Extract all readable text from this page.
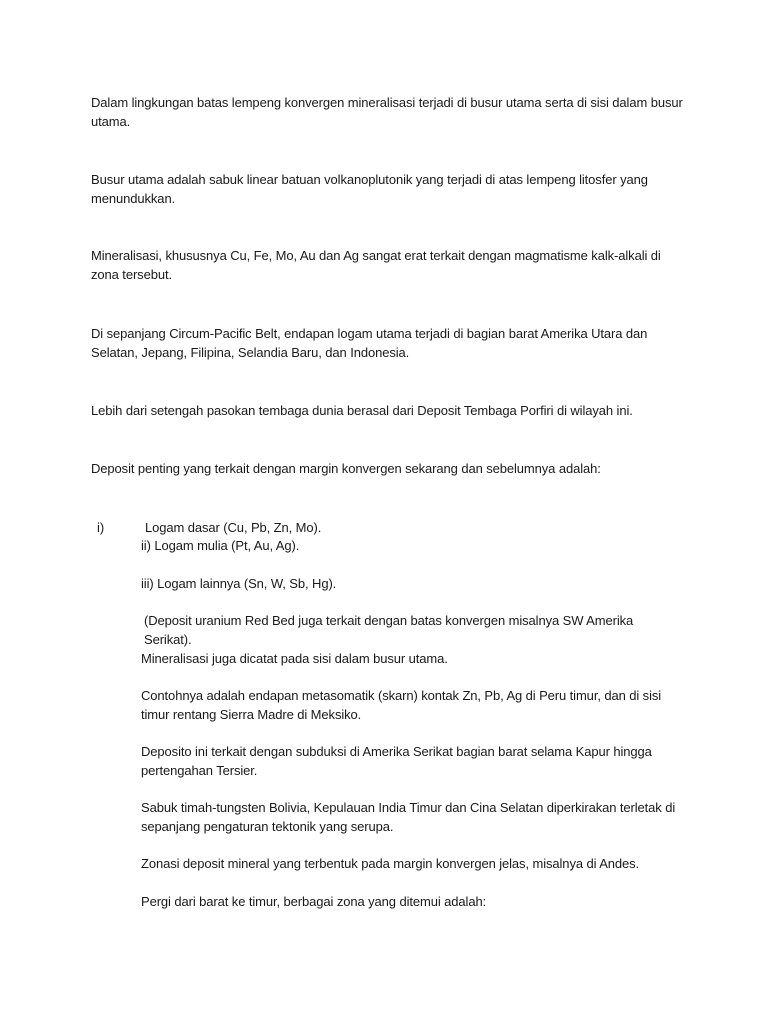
Dalam lingkungan batas lempeng konvergen mineralisasi terjadi di busur utama serta di sisi dalam busur utama.

Busur utama adalah sabuk linear batuan volkanoplutonik yang terjadi di atas lempeng litosfer yang menundukkan.

Mineralisasi, khususnya Cu, Fe, Mo, Au dan Ag sangat erat terkait dengan magmatisme kalk-alkali di zona tersebut.

Di sepanjang Circum-Pacific Belt, endapan logam utama terjadi di bagian barat Amerika Utara dan Selatan, Jepang, Filipina, Selandia Baru, dan Indonesia.

Lebih dari setengah pasokan tembaga dunia berasal dari Deposit Tembaga Porfiri di wilayah ini.

Deposit penting yang terkait dengan margin konvergen sekarang dan sebelumnya adalah:

i)	Logam dasar (Cu, Pb, Zn, Mo).

ii) Logam mulia (Pt, Au, Ag).

iii) Logam lainnya (Sn, W, Sb, Hg).

(Deposit uranium Red Bed juga terkait dengan batas konvergen misalnya SW Amerika Serikat).

Mineralisasi juga dicatat pada sisi dalam busur utama.

Contohnya adalah endapan metasomatik (skarn) kontak Zn, Pb, Ag di Peru timur, dan di sisi timur rentang Sierra Madre di Meksiko.

Deposito ini terkait dengan subduksi di Amerika Serikat bagian barat selama Kapur hingga pertengahan Tersier.

Sabuk timah-tungsten Bolivia, Kepulauan India Timur dan Cina Selatan diperkirakan terletak di sepanjang pengaturan tektonik yang serupa.

Zonasi deposit mineral yang terbentuk pada margin konvergen jelas, misalnya di Andes.

Pergi dari barat ke timur, berbagai zona yang ditemui adalah:
